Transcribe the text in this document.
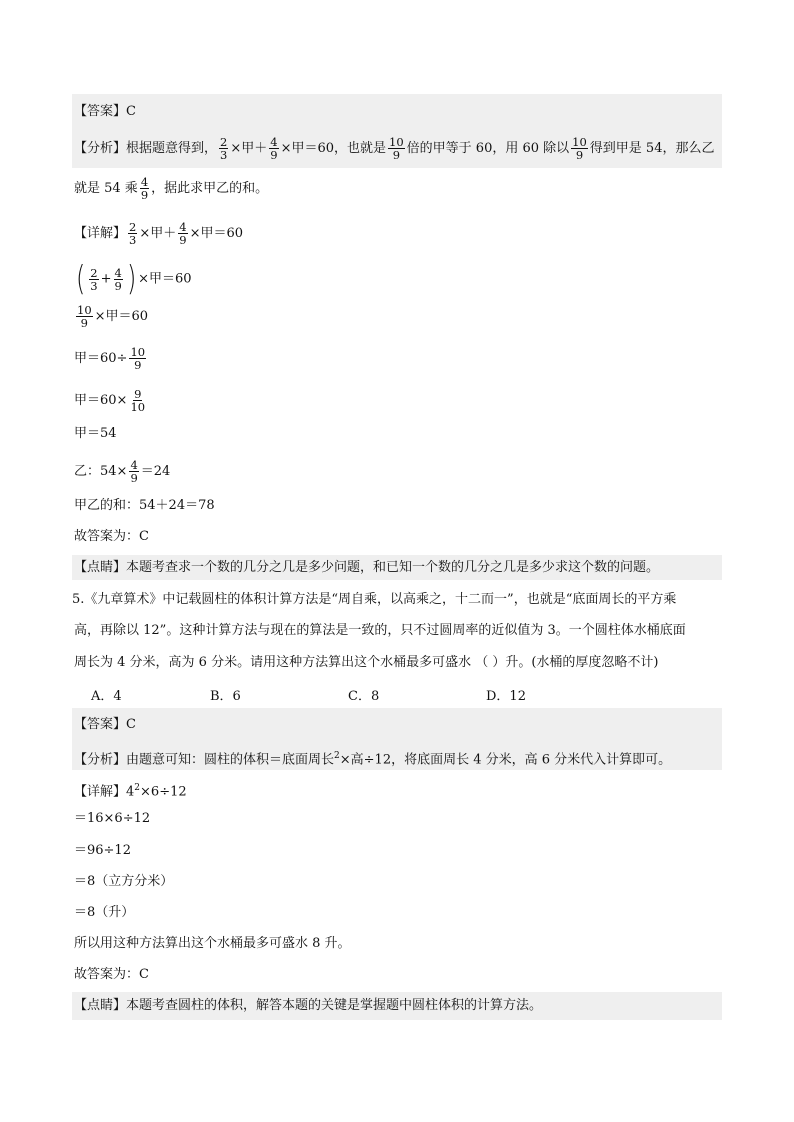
【答案】C
【分析】根据题意得到， $\frac{2}{3}$ ×甲＋ $\frac{4}{9}$ ×甲＝60，也就是 $\frac{10}{9}$ 倍的甲等于 60，用 60 除以 $\frac{10}{9}$ 得到甲是 54，那么乙
就是 54 乘 $\frac{4}{9}$ ，据此求甲乙的和。
【详解】 $\frac{2}{3}$ ×甲＋ $\frac{4}{9}$ ×甲＝60
( $\frac{2}{3} + \frac{4}{9}$ ) ×甲＝60
$\frac{10}{9}$ ×甲＝60
甲$=60\div \frac{10}{9}$
甲$=60\times \frac{9}{10}$
甲＝54
乙：$54\times \frac{4}{9} =24$
甲乙的和：54＋24＝78
故答案为：C
【点睛】本题考查求一个数的几分之几是多少问题，和已知一个数的几分之几是多少求这个数的问题。
5.《九章算术》中记载圆柱的体积计算方法是“周自乘，以高乘之，十二而一”，也就是“底面周长的平方乘
高，再除以 12”。这种计算方法与现在的算法是一致的，只不过圆周率的近似值为 3。一个圆柱体水桶底面
周长为 4 分米，高为 6 分米。请用这种方法算出这个水桶最多可盛水 （ ）升。(水桶的厚度忽略不计)
A．4	B．6	C．8	D．12
【答案】C
【分析】由题意可知：圆柱的体积＝底面周长$^2$×高÷12，将底面周长 4 分米，高 6 分米代入计算即可。
【详解】$4^2\times 6\div 12$
＝16×6÷12
＝96÷12
＝8（立方分米）
＝8（升）
所以用这种方法算出这个水桶最多可盛水 8 升。
故答案为：C
【点睛】本题考查圆柱的体积，解答本题的关键是掌握题中圆柱体积的计算方法。
